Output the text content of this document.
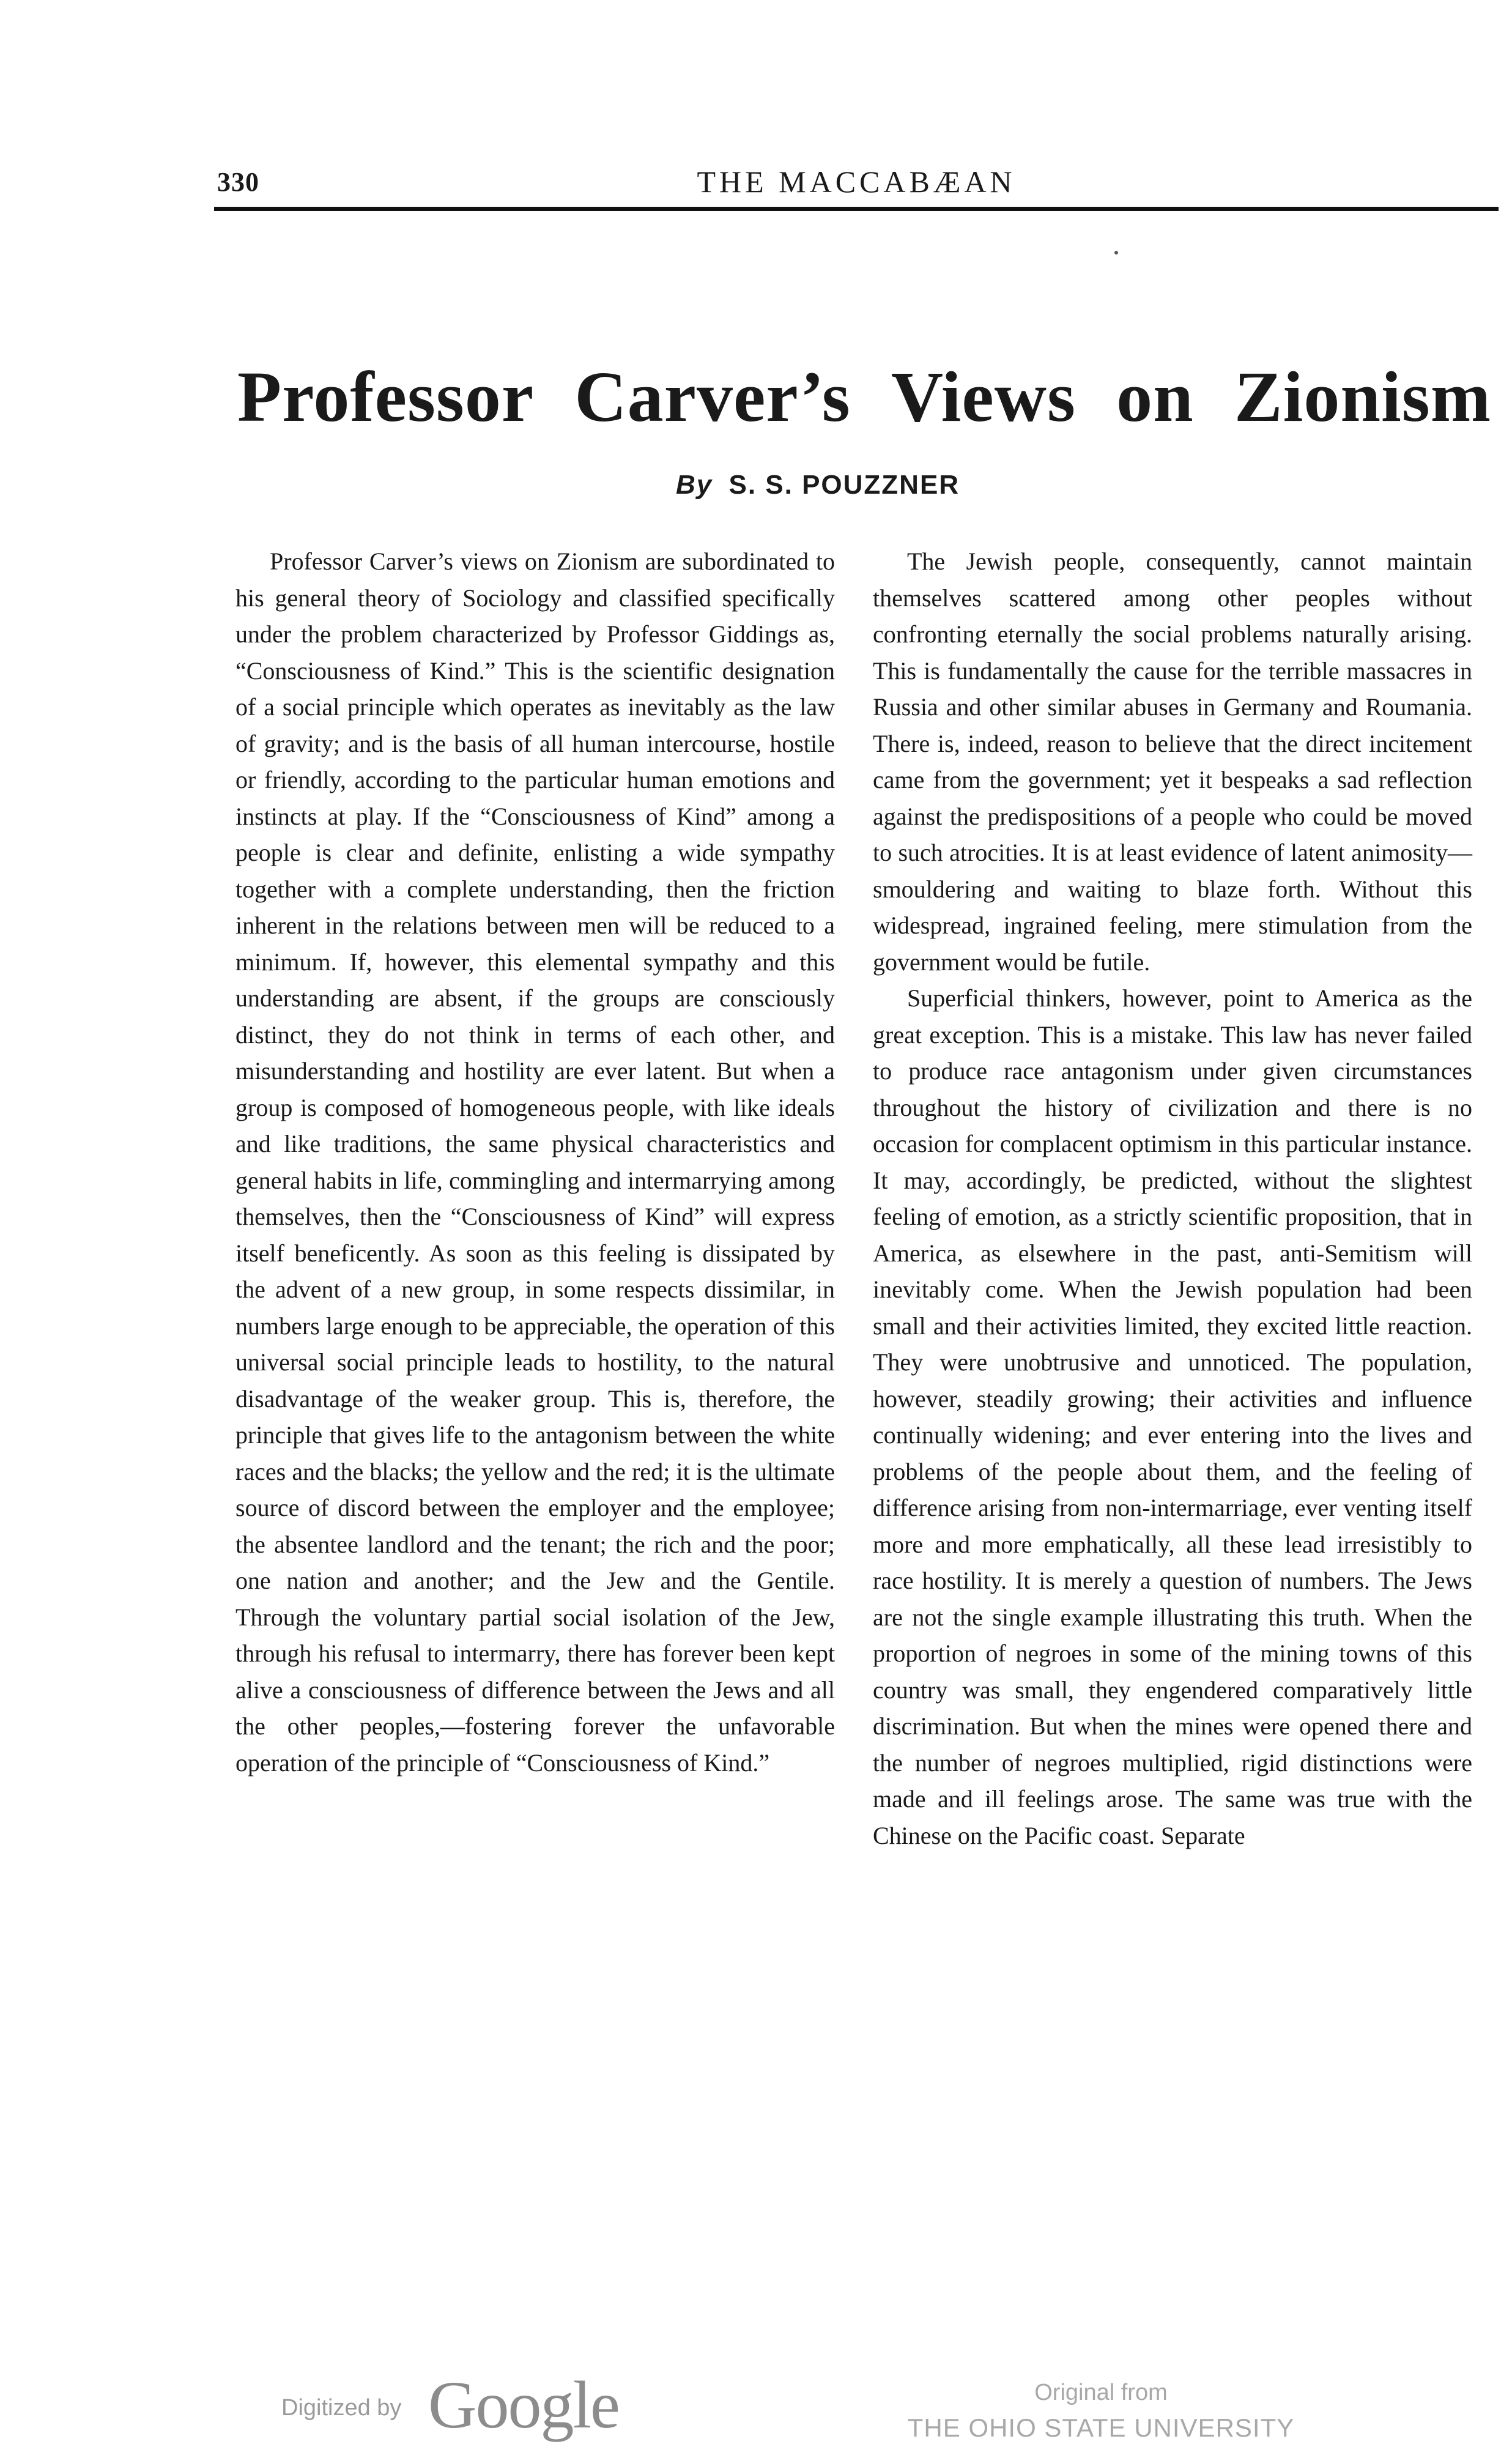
330	THE MACCABÆAN
Professor Carver’s Views on Zionism
By S. S. POUZZNER

Professor Carver’s views on Zionism are subordinated to his general theory of Sociology and classified specifically under the problem characterized by Professor Giddings as, “Consciousness of Kind.” This is the scientific designation of a social principle which operates as inevitably as the law of gravity; and is the basis of all human intercourse, hostile or friendly, according to the particular human emotions and instincts at play. If the “Consciousness of Kind” among a people is clear and definite, enlisting a wide sympathy together with a complete understanding, then the friction inherent in the relations between men will be reduced to a minimum. If, however, this elemental sympathy and this understanding are absent, if the groups are consciously distinct, they do not think in terms of each other, and misunderstanding and hostility are ever latent. But when a group is composed of homogeneous people, with like ideals and like traditions, the same physical characteristics and general habits in life, commingling and intermarrying among themselves, then the “Consciousness of Kind” will express itself beneficently. As soon as this feeling is dissipated by the advent of a new group, in some respects dissimilar, in numbers large enough to be appreciable, the operation of this universal social principle leads to hostility, to the natural disadvantage of the weaker group. This is, therefore, the principle that gives life to the antagonism between the white races and the blacks; the yellow and the red; it is the ultimate source of discord between the employer and the employee; the absentee landlord and the tenant; the rich and the poor; one nation and another; and the Jew and the Gentile. Through the voluntary partial social isolation of the Jew, through his refusal to intermarry, there has forever been kept alive a consciousness of difference between the Jews and all the other peoples,—fostering forever the unfavorable operation of the principle of “Consciousness of Kind.”

The Jewish people, consequently, cannot maintain themselves scattered among other peoples without confronting eternally the social problems naturally arising. This is fundamentally the cause for the terrible massacres in Russia and other similar abuses in Germany and Roumania. There is, indeed, reason to believe that the direct incitement came from the government; yet it bespeaks a sad reflection against the predispositions of a people who could be moved to such atrocities. It is at least evidence of latent animosity—smouldering and waiting to blaze forth. Without this widespread, ingrained feeling, mere stimulation from the government would be futile.

Superficial thinkers, however, point to America as the great exception. This is a mistake. This law has never failed to produce race antagonism under given circumstances throughout the history of civilization and there is no occasion for complacent optimism in this particular instance. It may, accordingly, be predicted, without the slightest feeling of emotion, as a strictly scientific proposition, that in America, as elsewhere in the past, anti-Semitism will inevitably come. When the Jewish population had been small and their activities limited, they excited little reaction. They were unobtrusive and unnoticed. The population, however, steadily growing; their activities and influence continually widening; and ever entering into the lives and problems of the people about them, and the feeling of difference arising from non-intermarriage, ever venting itself more and more emphatically, all these lead irresistibly to race hostility. It is merely a question of numbers. The Jews are not the single example illustrating this truth. When the proportion of negroes in some of the mining towns of this country was small, they engendered comparatively little discrimination. But when the mines were opened there and the number of negroes multiplied, rigid distinctions were made and ill feelings arose. The same was true with the Chinese on the Pacific coast. Separate

Digitized by Google	Original from
THE OHIO STATE UNIVERSITY
